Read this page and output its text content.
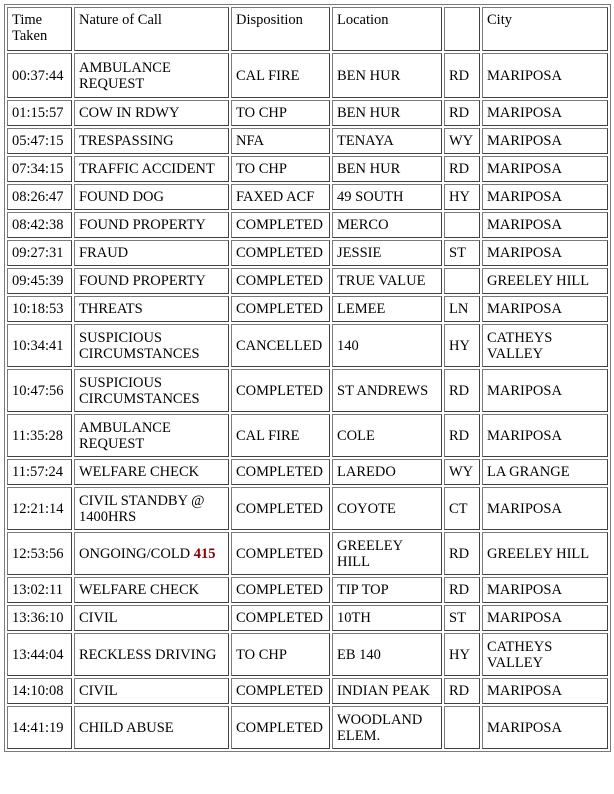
Time Taken	Nature of Call	Disposition	Location		City
00:37:44	AMBULANCE REQUEST	CAL FIRE	BEN HUR	RD	MARIPOSA
01:15:57	COW IN RDWY	TO CHP	BEN HUR	RD	MARIPOSA
05:47:15	TRESPASSING	NFA	TENAYA	WY	MARIPOSA
07:34:15	TRAFFIC ACCIDENT	TO CHP	BEN HUR	RD	MARIPOSA
08:26:47	FOUND DOG	FAXED ACF	49 SOUTH	HY	MARIPOSA
08:42:38	FOUND PROPERTY	COMPLETED	MERCO		MARIPOSA
09:27:31	FRAUD	COMPLETED	JESSIE	ST	MARIPOSA
09:45:39	FOUND PROPERTY	COMPLETED	TRUE VALUE		GREELEY HILL
10:18:53	THREATS	COMPLETED	LEMEE	LN	MARIPOSA
10:34:41	SUSPICIOUS CIRCUMSTANCES	CANCELLED	140	HY	CATHEYS VALLEY
10:47:56	SUSPICIOUS CIRCUMSTANCES	COMPLETED	ST ANDREWS	RD	MARIPOSA
11:35:28	AMBULANCE REQUEST	CAL FIRE	COLE	RD	MARIPOSA
11:57:24	WELFARE CHECK	COMPLETED	LAREDO	WY	LA GRANGE
12:21:14	CIVIL STANDBY @ 1400HRS	COMPLETED	COYOTE	CT	MARIPOSA
12:53:56	ONGOING/COLD 415	COMPLETED	GREELEY HILL	RD	GREELEY HILL
13:02:11	WELFARE CHECK	COMPLETED	TIP TOP	RD	MARIPOSA
13:36:10	CIVIL	COMPLETED	10TH	ST	MARIPOSA
13:44:04	RECKLESS DRIVING	TO CHP	EB 140	HY	CATHEYS VALLEY
14:10:08	CIVIL	COMPLETED	INDIAN PEAK	RD	MARIPOSA
14:41:19	CHILD ABUSE	COMPLETED	WOODLAND ELEM.		MARIPOSA
